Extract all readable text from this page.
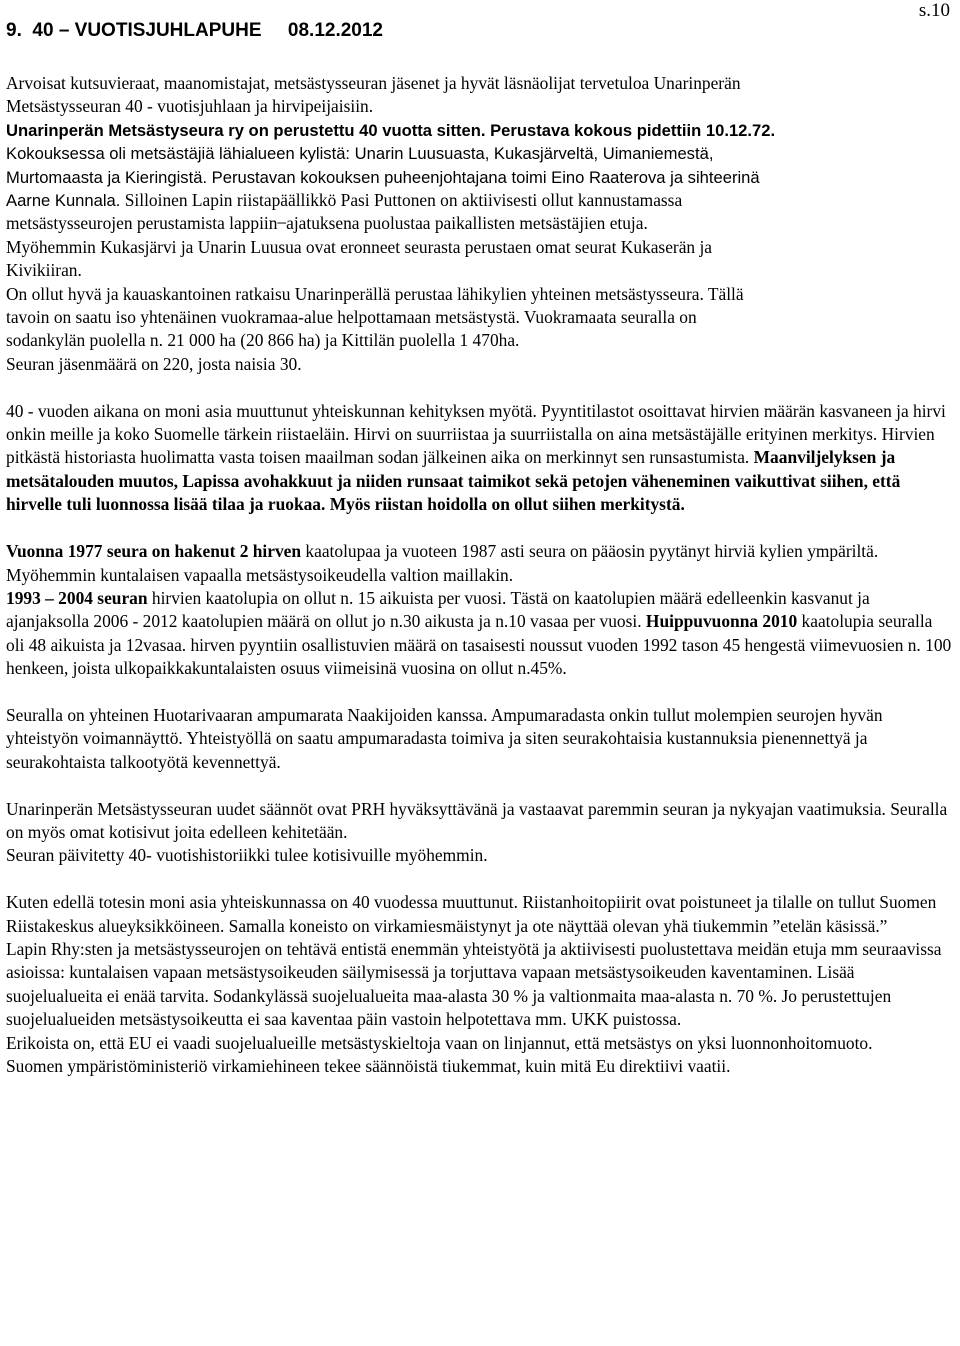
9.  40 – VUOTISJUHLAPUHE     08.12.2012

s.10

Arvoisat kutsuvieraat, maanomistajat, metsästysseuran jäsenet ja hyvät läsnäolijat tervetuloa Unarinperän
Metsästysseuran 40 - vuotisjuhlaan ja hirvipeijaisiin.
Unarinperän Metsästyseura ry on perustettu 40 vuotta sitten. Perustava kokous pidettiin 10.12.72.
Kokouksessa oli metsästäjiä lähialueen kylistä: Unarin Luusuasta, Kukasjärveltä, Uimaniemestä,
Murtomaasta ja Kieringistä. Perustavan kokouksen puheenjohtajana toimi Eino Raaterova ja sihteerinä
Aarne Kunnala. Silloinen Lapin riistapäällikkö Pasi Puttonen on aktiivisesti ollut kannustamassa
metsästysseurojen perustamista lappiin ̶ ajatuksena puolustaa paikallisten metsästäjien etuja.
Myöhemmin Kukasjärvi ja Unarin Luusua ovat eronneet seurasta perustaen omat seurat Kukaserän ja
Kivikiiran.
On ollut hyvä ja kauaskantoinen ratkaisu Unarinperällä perustaa lähikylien yhteinen metsästysseura. Tällä
tavoin on saatu iso yhtenäinen vuokramaa-alue helpottamaan metsästystä. Vuokramaata seuralla on
sodankylän puolella n. 21 000 ha (20 866 ha) ja Kittilän puolella 1 470ha.
Seuran jäsenmäärä on 220, josta naisia 30.

40 - vuoden aikana on moni asia muuttunut yhteiskunnan kehityksen myötä. Pyyntitilastot osoittavat hirvien määrän kasvaneen ja hirvi onkin meille ja koko Suomelle tärkein riistaeläin. Hirvi on suurriistaa ja suurriistalla on aina metsästäjälle erityinen merkitys. Hirvien pitkästä historiasta huolimatta vasta toisen maailman sodan jälkeinen aika on merkinnyt sen runsastumista. Maanviljelyksen ja metsätalouden muutos, Lapissa avohakkuut ja niiden runsaat taimikot sekä petojen väheneminen vaikuttivat siihen, että hirvelle tuli luonnossa lisää tilaa ja ruokaa. Myös riistan hoidolla on ollut siihen merkitystä.

Vuonna 1977 seura on hakenut 2 hirven kaatolupaa ja vuoteen 1987 asti seura on pääosin pyytänyt hirviä kylien ympäriltä. Myöhemmin kuntalaisen vapaalla metsästysoikeudella valtion maillakin.
1993 – 2004 seuran hirvien kaatolupia on ollut n. 15 aikuista per vuosi. Tästä on kaatolupien määrä edelleenkin kasvanut ja ajanjaksolla 2006 - 2012 kaatolupien määrä on ollut jo n.30 aikusta ja n.10 vasaa per vuosi. Huippuvuonna 2010 kaatolupia seuralla oli 48 aikuista ja 12vasaa. hirven pyyntiin osallistuvien määrä on tasaisesti noussut vuoden 1992 tason 45 hengestä viimevuosien n. 100 henkeen, joista ulkopaikkakuntalaisten osuus viimeisinä vuosina on ollut n.45%.

Seuralla on yhteinen Huotarivaaran ampumarata Naakijoiden kanssa. Ampumaradasta onkin tullut molempien seurojen hyvän yhteistyön voimannäyttö. Yhteistyöllä on saatu ampumaradasta toimiva ja siten seurakohtaisia kustannuksia pienennettyä ja seurakohtaista talkootyötä kevennettyä.

Unarinperän Metsästysseuran uudet säännöt ovat PRH hyväksyttävänä ja vastaavat paremmin seuran ja nykyajan vaatimuksia. Seuralla on myös omat kotisivut joita edelleen kehitetään.
Seuran päivitetty 40- vuotishistoriikki tulee kotisivuille myöhemmin.

Kuten edellä totesin moni asia yhteiskunnassa on 40 vuodessa muuttunut. Riistanhoitopiirit ovat poistuneet ja tilalle on tullut Suomen Riistakeskus alueyksikköineen. Samalla koneisto on virkamiesmäistynyt ja ote näyttää olevan yhä tiukemmin ”etelän käsissä.”
Lapin Rhy:sten ja metsästysseurojen on tehtävä entistä enemmän yhteistyötä ja aktiivisesti puolustettava meidän etuja mm seuraavissa asioissa: kuntalaisen vapaan metsästysoikeuden säilymisessä ja torjuttava vapaan metsästysoikeuden kaventaminen. Lisää suojelualueita ei enää tarvita. Sodankylässä suojelualueita maa-alasta 30 % ja valtionmaita maa-alasta n. 70 %. Jo perustettujen suojelualueiden metsästysoikeutta ei saa kaventaa päin vastoin helpotettava mm. UKK puistossa.
Erikoista on, että EU ei vaadi suojelualueille metsästyskieltoja vaan on linjannut, että metsästys on yksi luonnonhoitomuoto.
Suomen ympäristöministeriö virkamiehineen tekee säännöistä tiukemmat, kuin mitä Eu direktiivi vaatii.
